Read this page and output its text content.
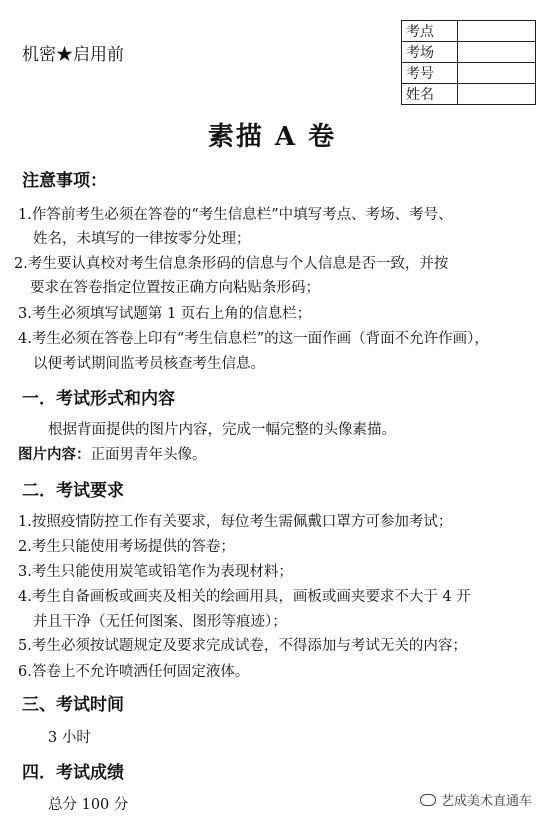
机密★启用前
考点	
考场	
考号	
姓名	
素描 A 卷
注意事项：
1.作答前考生必须在答卷的“考生信息栏”中填写考点、考场、考号、
姓名，未填写的一律按零分处理；
2.考生要认真校对考生信息条形码的信息与个人信息是否一致，并按
要求在答卷指定位置按正确方向粘贴条形码；
3.考生必须填写试题第 1 页右上角的信息栏；
4.考生必须在答卷上印有“考生信息栏”的这一面作画（背面不允许作画），
以便考试期间监考员核查考生信息。
一．考试形式和内容
根据背面提供的图片内容，完成一幅完整的头像素描。
图片内容：正面男青年头像。
二．考试要求
1.按照疫情防控工作有关要求，每位考生需佩戴口罩方可参加考试；
2.考生只能使用考场提供的答卷；
3.考生只能使用炭笔或铅笔作为表现材料；
4.考生自备画板或画夹及相关的绘画用具，画板或画夹要求不大于 4 开
并且干净（无任何图案、图形等痕迹）；
5.考生必须按试题规定及要求完成试卷，不得添加与考试无关的内容；
6.答卷上不允许喷洒任何固定液体。
三、考试时间
3 小时
四．考试成绩
总分 100 分	艺成美术直通车
